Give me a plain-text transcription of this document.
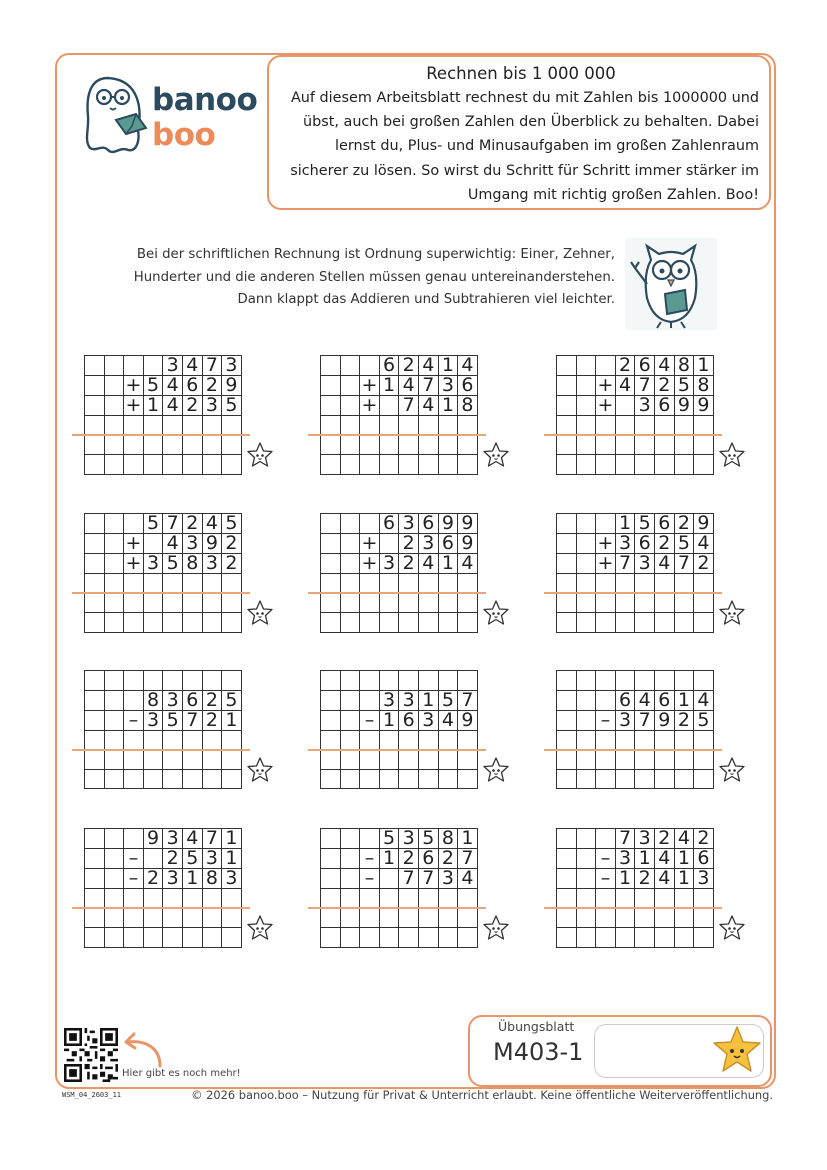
banoo
boo
Rechnen bis 1 000 000
Auf diesem Arbeitsblatt rechnest du mit Zahlen bis 1000000 und übst, auch bei großen Zahlen den Überblick zu behalten. Dabei lernst du, Plus- und Minusaufgaben im großen Zahlenraum sicherer zu lösen. So wirst du Schritt für Schritt immer stärker im Umgang mit richtig großen Zahlen. Boo!
Bei der schriftlichen Rechnung ist Ordnung superwichtig: Einer, Zehner, Hunderter und die anderen Stellen müssen genau untereinanderstehen. Dann klappt das Addieren und Subtrahieren viel leichter.
				3	4	7	3
		+	5	4	6	2	9
		+	1	4	2	3	5

			6	2	4	1	4
		+	1	4	7	3	6
		+		7	4	1	8

			2	6	4	8	1
		+	4	7	2	5	8
		+		3	6	9	9

			5	7	2	4	5
		+		4	3	9	2
		+	3	5	8	3	2

			6	3	6	9	9
		+		2	3	6	9
		+	3	2	4	1	4

			1	5	6	2	9
		+	3	6	2	5	4
		+	7	3	4	7	2

			8	3	6	2	5
		–	3	5	7	2	1

			3	3	1	5	7
		–	1	6	3	4	9

			6	4	6	1	4
		–	3	7	9	2	5

			9	3	4	7	1
		–		2	5	3	1
		–	2	3	1	8	3

			5	3	5	8	1
		–	1	2	6	2	7
		–		7	7	3	4

			7	3	2	4	2
		–	3	1	4	1	6
		–	1	2	4	1	3

Übungsblatt
M403-1
Hier gibt es noch mehr!
WSM_04_2603_11	© 2026 banoo.boo – Nutzung für Privat & Unterricht erlaubt. Keine öffentliche Weiterveröffentlichung.
